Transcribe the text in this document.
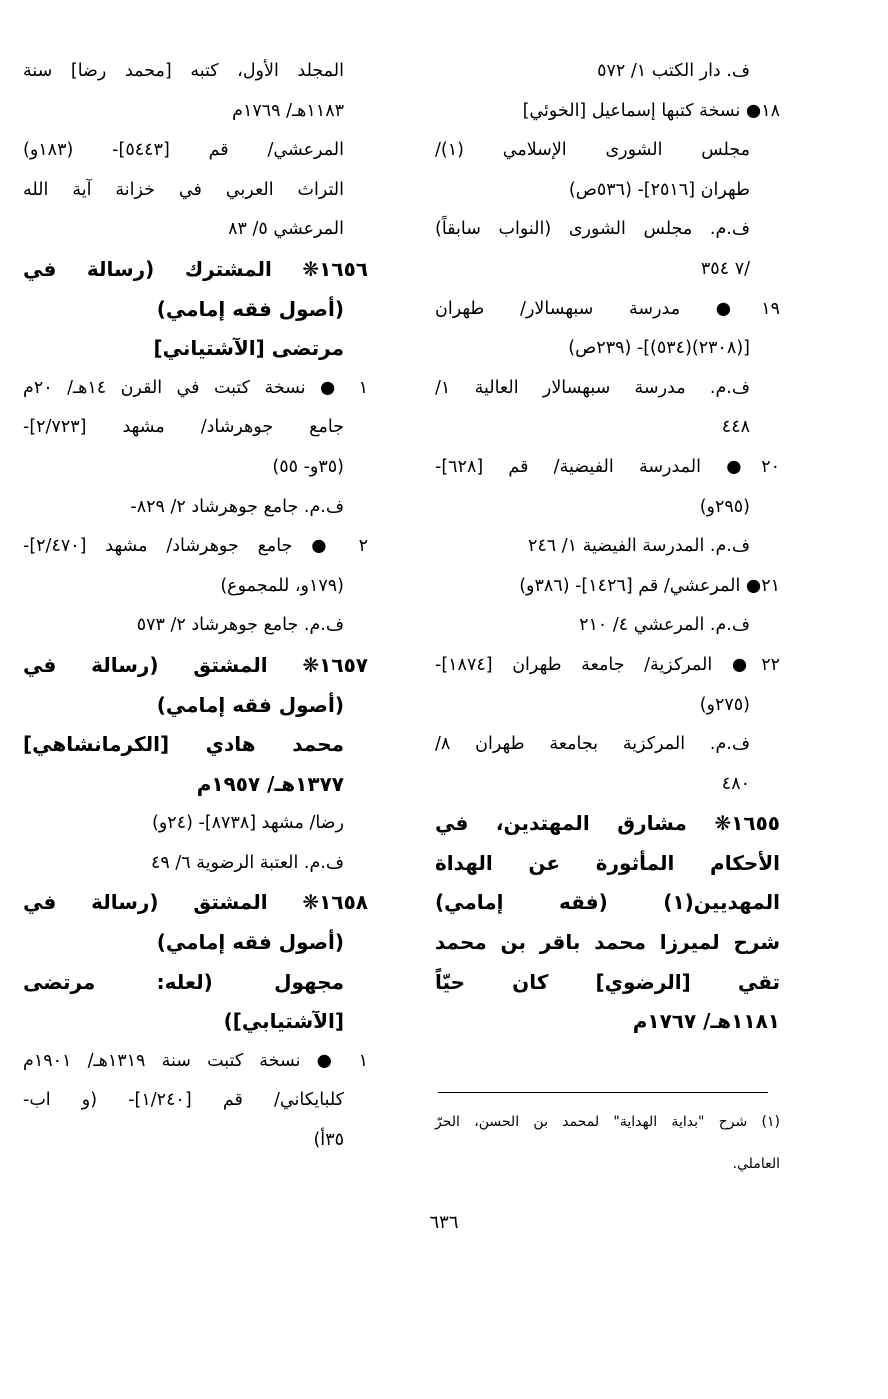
ف. دار الكتب ١/ ٥٧٢
١٨● نسخة كتبها إسماعيل [الخوئي]
مجلس الشورى الإسلامي (١)/
طهران [٢٥١٦]- (٥٣٦ص)
ف.م. مجلس الشورى (النواب سابقاً)
/٧ ٣٥٤
١٩● مدرسة سبهسالار/ طهران
[(٢٣٠٨)(٥٣٤)]- (٢٣٩ص)
ف.م. مدرسة سبهسالار العالية ١/
٤٤٨
٢٠● المدرسة الفيضية/ قم [٦٢٨]-
(٢٩٥و)
ف.م. المدرسة الفيضية ١/ ٢٤٦
٢١● المرعشي/ قم [١٤٢٦]- (٣٨٦و)
ف.م. المرعشي ٤/ ٢١٠
٢٢● المركزية/ جامعة طهران [١٨٧٤]-
(٢٧٥و)
ف.م. المركزية بجامعة طهران ٨/
٤٨٠
١٦٥٥❋ مشارق المهتدين، في
الأحكام المأثورة عن الهداة
المهديين(١) (فقه إمامي)
شرح لميرزا محمد باقر بن محمد
تقي [الرضوي] كان حيّاً
١١٨١هـ/ ١٧٦٧م
المجلد الأول، كتبه [محمد رضا] سنة
١١٨٣هـ/ ١٧٦٩م
المرعشي/ قم [٥٤٤٣]- (١٨٣و)
التراث العربي في خزانة آية الله
المرعشي ٥/ ٨٣
١٦٥٦❋ المشترك (رسالة في
(أصول فقه إمامي)
مرتضى [الآشتياني]
١ ● نسخة كتبت في القرن ١٤هـ/ ٢٠م
جامع جوهرشاد/ مشهد [٢/٧٢٣]-
(٣٥و- ٥٥)
ف.م. جامع جوهرشاد ٢/ ٨٢٩-
٢ ● جامع جوهرشاد/ مشهد [٢/٤٧٠]-
(١٧٩و، للمجموع)
ف.م. جامع جوهرشاد ٢/ ٥٧٣
١٦٥٧❋ المشتق (رسالة في
(أصول فقه إمامي)
محمد هادي [الكرمانشاهي]
١٣٧٧هـ/ ١٩٥٧م
رضا/ مشهد [٨٧٣٨]- (٢٤و)
ف.م. العتبة الرضوية ٦/ ٤٩
١٦٥٨❋ المشتق (رسالة في
(أصول فقه إمامي)
مجهول (لعله: مرتضى
[الآشتيابي])
١ ● نسخة كتبت سنة ١٣١٩هـ/ ١٩٠١م
كلبايكاني/ قم [١/٢٤٠]- (و اب-
٣٥أ)
(١) شرح "بداية الهداية" لمحمد بن الحسن، الحرّ
العاملي.
٦٣٦
